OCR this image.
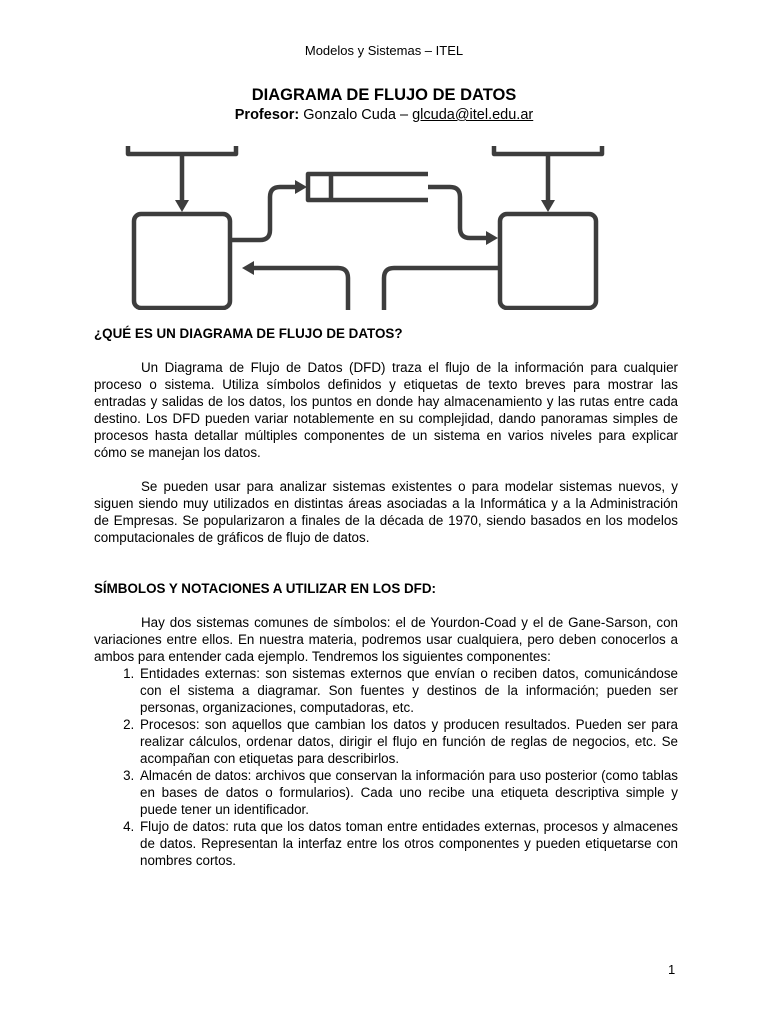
Modelos y Sistemas – ITEL
DIAGRAMA DE FLUJO DE DATOS
Profesor: Gonzalo Cuda – glcuda@itel.edu.ar

¿QUÉ ES UN DIAGRAMA DE FLUJO DE DATOS?

Un Diagrama de Flujo de Datos (DFD) traza el flujo de la información para cualquier proceso o sistema. Utiliza símbolos definidos y etiquetas de texto breves para mostrar las entradas y salidas de los datos, los puntos en donde hay almacenamiento y las rutas entre cada destino. Los DFD pueden variar notablemente en su complejidad, dando panoramas simples de procesos hasta detallar múltiples componentes de un sistema en varios niveles para explicar cómo se manejan los datos.

Se pueden usar para analizar sistemas existentes o para modelar sistemas nuevos, y siguen siendo muy utilizados en distintas áreas asociadas a la Informática y a la Administración de Empresas. Se popularizaron a finales de la década de 1970, siendo basados en los modelos computacionales de gráficos de flujo de datos.

SÍMBOLOS Y NOTACIONES A UTILIZAR EN LOS DFD:

Hay dos sistemas comunes de símbolos: el de Yourdon-Coad y el de Gane-Sarson, con variaciones entre ellos. En nuestra materia, podremos usar cualquiera, pero deben conocerlos a ambos para entender cada ejemplo. Tendremos los siguientes componentes:

1. Entidades externas: son sistemas externos que envían o reciben datos, comunicándose con el sistema a diagramar. Son fuentes y destinos de la información; pueden ser personas, organizaciones, computadoras, etc.
2. Procesos: son aquellos que cambian los datos y producen resultados. Pueden ser para realizar cálculos, ordenar datos, dirigir el flujo en función de reglas de negocios, etc. Se acompañan con etiquetas para describirlos.
3. Almacén de datos: archivos que conservan la información para uso posterior (como tablas en bases de datos o formularios). Cada uno recibe una etiqueta descriptiva simple y puede tener un identificador.
4. Flujo de datos: ruta que los datos toman entre entidades externas, procesos y almacenes de datos. Representan la interfaz entre los otros componentes y pueden etiquetarse con nombres cortos.
1
